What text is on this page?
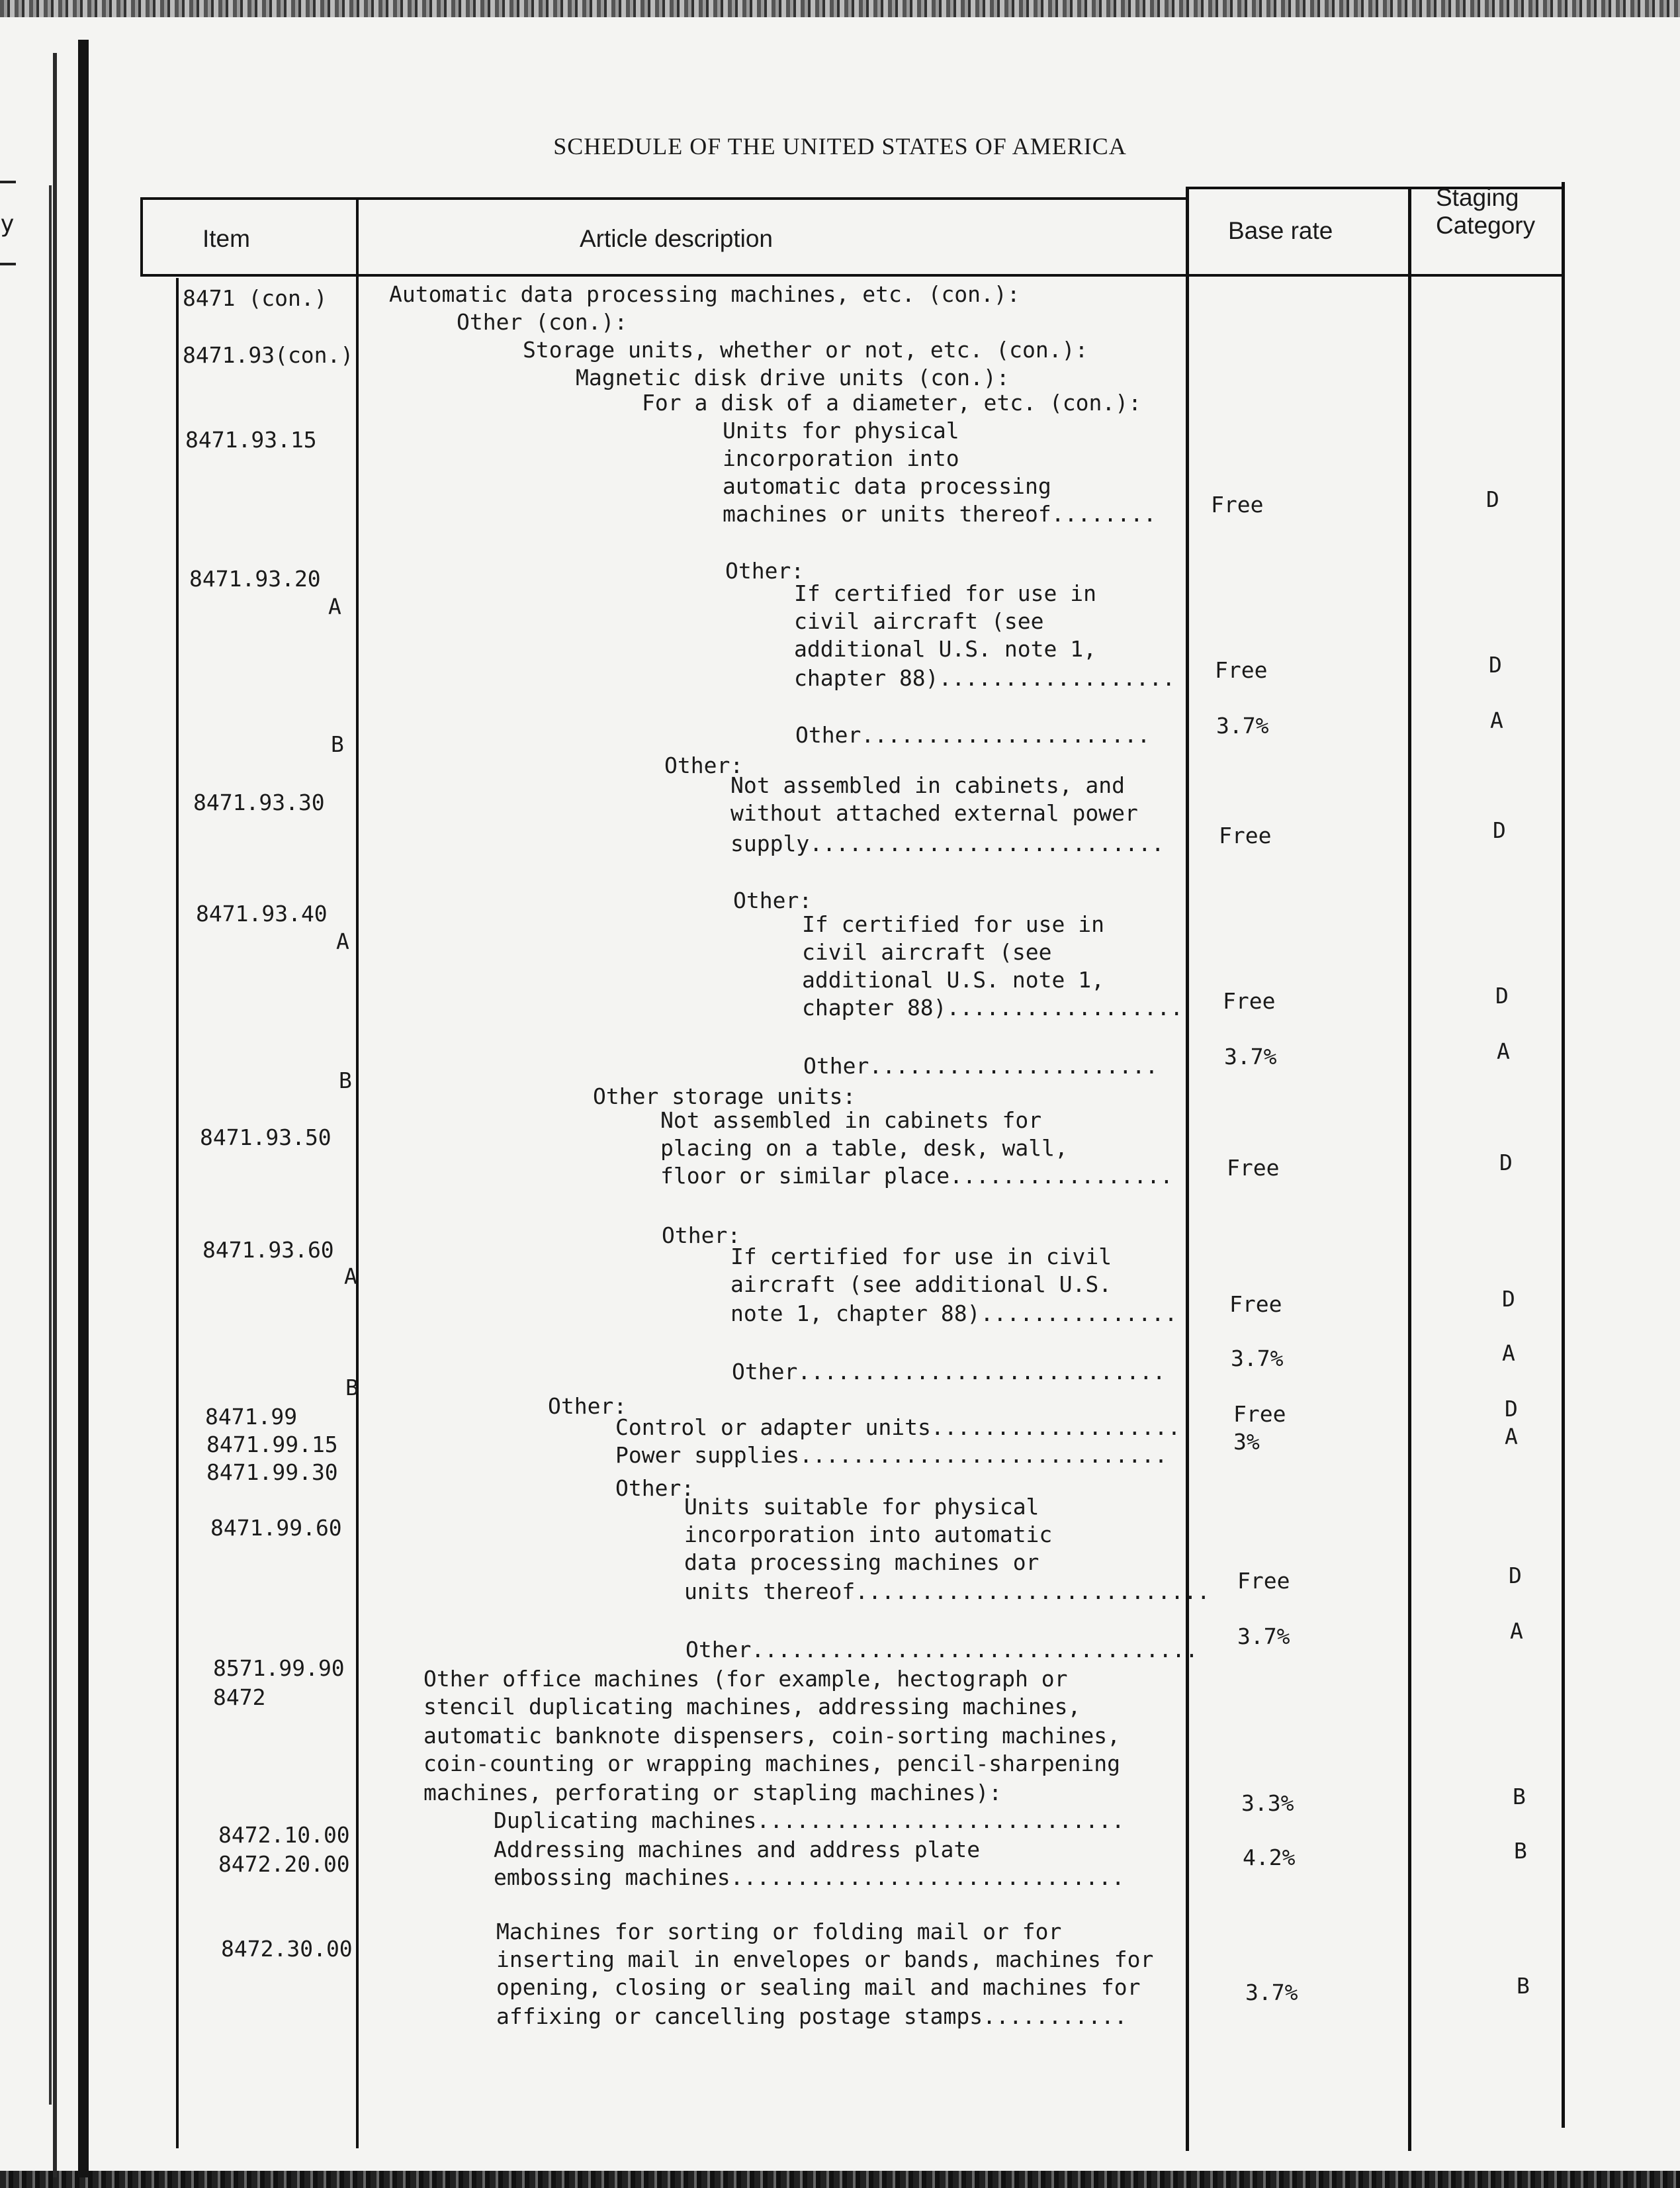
y
SCHEDULE OF THE UNITED STATES OF AMERICA
Item	Article description	Base rate
Staging
Category
8471 (con.)
8471.93(con.)
8471.93.15
8471.93.20
A
B
8471.93.30
8471.93.40
A
B
8471.93.50
8471.93.60
A
B
8471.99
8471.99.15
8471.99.30
8471.99.60
8571.99.90
8472
8472.10.00
8472.20.00
8472.30.00
Automatic data processing machines, etc. (con.):
Other (con.):
Storage units, whether or not, etc. (con.):
Magnetic disk drive units (con.):
For a disk of a diameter, etc. (con.):
Units for physical
incorporation into
automatic data processing
machines or units thereof........
Other:
If certified for use in
civil aircraft (see
additional U.S. note 1,
chapter 88)..................
Other......................
Other:
Not assembled in cabinets, and
without attached external power
supply...........................
Other:
If certified for use in
civil aircraft (see
additional U.S. note 1,
chapter 88)..................
Other......................
Other storage units:
Not assembled in cabinets for
placing on a table, desk, wall,
floor or similar place.................
Other:
If certified for use in civil
aircraft (see additional U.S.
note 1, chapter 88)...............
Other............................
Other:
Control or adapter units...................
Power supplies............................
Other:
Units suitable for physical
incorporation into automatic
data processing machines or
units thereof...........................
Other..................................
Other office machines (for example, hectograph or
stencil duplicating machines, addressing machines,
automatic banknote dispensers, coin-sorting machines,
coin-counting or wrapping machines, pencil-sharpening
machines, perforating or stapling machines):
Duplicating machines............................
Addressing machines and address plate
embossing machines..............................
Machines for sorting or folding mail or for
inserting mail in envelopes or bands, machines for
opening, closing or sealing mail and machines for
affixing or cancelling postage stamps...........
Free
Free
3.7%
Free
Free
3.7%
Free
Free
3.7%
Free
3%
Free
3.7%
3.3%
4.2%
3.7%
D
D
A
D
D
A
D
D
A
D
A
D
A
B
B
B
